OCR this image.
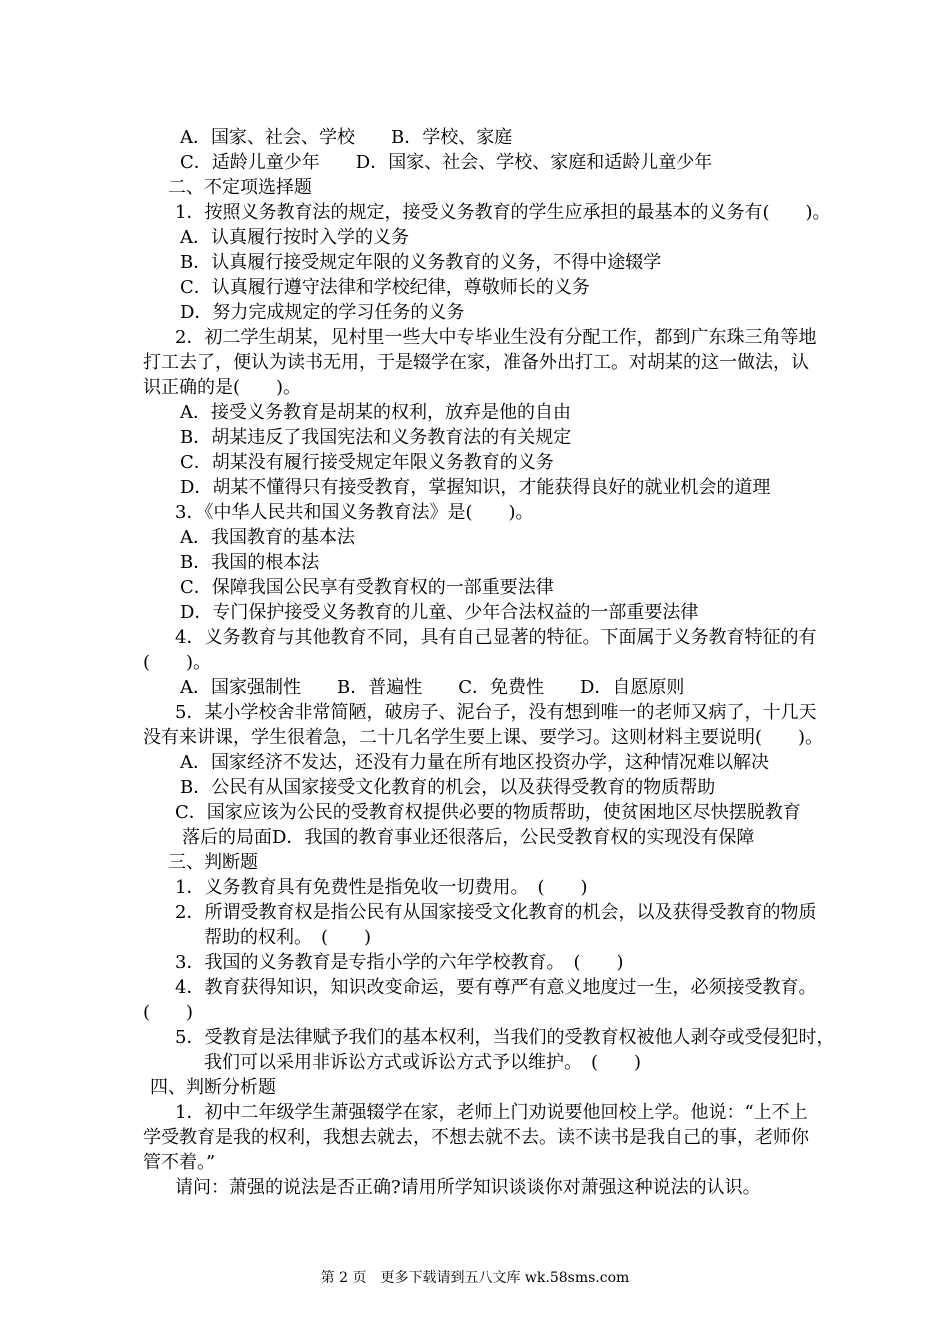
A．国家、社会、学校　　B．学校、家庭
C．适龄儿童少年　　D．国家、社会、学校、家庭和适龄儿童少年
二、不定项选择题
1．按照义务教育法的规定，接受义务教育的学生应承担的最基本的义务有(　　)。
A．认真履行按时入学的义务
B．认真履行接受规定年限的义务教育的义务，不得中途辍学
C．认真履行遵守法律和学校纪律，尊敬师长的义务
D．努力完成规定的学习任务的义务
2．初二学生胡某，见村里一些大中专毕业生没有分配工作，都到广东珠三角等地
打工去了，便认为读书无用，于是辍学在家，准备外出打工。对胡某的这一做法，认
识正确的是(　　)。
A．接受义务教育是胡某的权利，放弃是他的自由
B．胡某违反了我国宪法和义务教育法的有关规定
C．胡某没有履行接受规定年限义务教育的义务
D．胡某不懂得只有接受教育，掌握知识，才能获得良好的就业机会的道理
3．《中华人民共和国义务教育法》是(　　)。
A．我国教育的基本法
B．我国的根本法
C．保障我国公民享有受教育权的一部重要法律
D．专门保护接受义务教育的儿童、少年合法权益的一部重要法律
4．义务教育与其他教育不同，具有自己显著的特征。下面属于义务教育特征的有
(　　)。
A．国家强制性　　B．普遍性　　C．免费性　　D．自愿原则
5．某小学校舍非常简陋，破房子、泥台子，没有想到唯一的老师又病了，十几天
没有来讲课，学生很着急，二十几名学生要上课、要学习。这则材料主要说明(　　)。
A．国家经济不发达，还没有力量在所有地区投资办学，这种情况难以解决
B．公民有从国家接受文化教育的机会，以及获得受教育的物质帮助
C．国家应该为公民的受教育权提供必要的物质帮助，使贫困地区尽快摆脱教育
落后的局面D．我国的教育事业还很落后，公民受教育权的实现没有保障
三、判断题
1．义务教育具有免费性是指免收一切费用。　(　　)
2．所谓受教育权是指公民有从国家接受文化教育的机会，以及获得受教育的物质
帮助的权利。　(　　)
3．我国的义务教育是专指小学的六年学校教育。　(　　)
4．教育获得知识，知识改变命运，要有尊严有意义地度过一生，必须接受教育。
(　　)
5．受教育是法律赋予我们的基本权利，当我们的受教育权被他人剥夺或受侵犯时，
我们可以采用非诉讼方式或诉讼方式予以维护。　(　　)
四、判断分析题
1．初中二年级学生萧强辍学在家，老师上门劝说要他回校上学。他说：“上不上
学受教育是我的权利，我想去就去，不想去就不去。读不读书是我自己的事，老师你
管不着。”
请问：萧强的说法是否正确?请用所学知识谈谈你对萧强这种说法的认识。
第 2 页　更多下载请到五八文库 wk.58sms.com
